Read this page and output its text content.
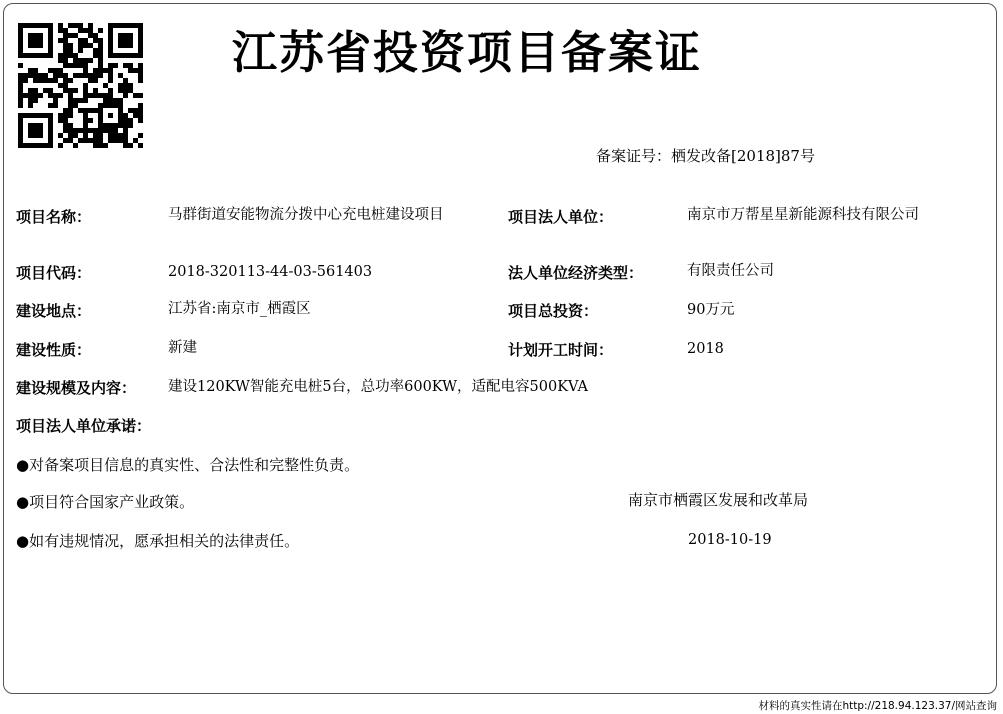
江苏省投资项目备案证
备案证号：栖发改备[2018]87号
项目名称：	马群街道安能物流分拨中心充电桩建设项目	项目法人单位：	南京市万帮星星新能源科技有限公司
项目代码：	2018-320113-44-03-561403	法人单位经济类型：	有限责任公司
建设地点：	江苏省:南京市_栖霞区	项目总投资：	90万元
建设性质：	新建	计划开工时间：	2018
建设规模及内容： 建设120KW智能充电桩5台，总功率600KW，适配电容500KVA
项目法人单位承诺：
●对备案项目信息的真实性、合法性和完整性负责。
●项目符合国家产业政策。
●如有违规情况，愿承担相关的法律责任。
南京市栖霞区发展和改革局
2018-10-19
材料的真实性请在http://218.94.123.37/网站查询
